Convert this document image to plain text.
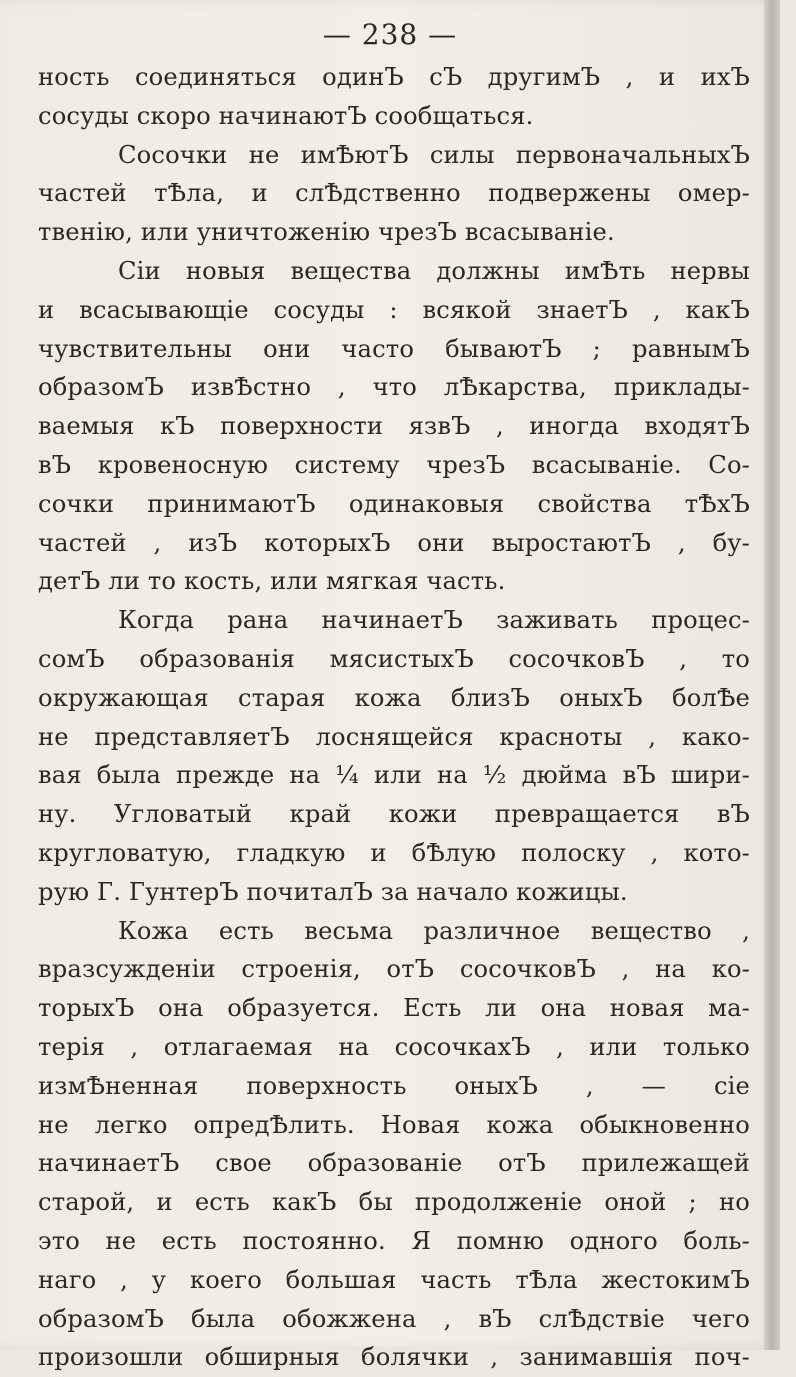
— 238 —
ность соединяться одинЪ сЪ другимЪ , и ихЪ
сосуды скоро начинаютЪ сообщаться.
Сосочки не имѢютЪ силы первоначальныхЪ
частей тѢла, и слѢдственно подвержены омер-
твенію, или уничтоженію чрезЪ всасываніе.
Сіи новыя вещества должны имѢть нервы
и всасывающіе сосуды : всякой знаетЪ , какЪ
чувствительны они часто бываютЪ ; равнымЪ
образомЪ извѢстно , что лѢкарства, приклады-
ваемыя кЪ поверхности язвЪ , иногда входятЪ
вЪ кровеносную систему чрезЪ всасываніе. Со-
сочки принимаютЪ одинаковыя свойства тѢхЪ
частей , изЪ которыхЪ они выростаютЪ , бу-
детЪ ли то кость, или мягкая часть.
Когда рана начинаетЪ заживать процес-
сомЪ образованія мясистыхЪ сосочковЪ , то
окружающая старая кожа близЪ оныхЪ болѢе
не представляетЪ лоснящейся красноты , како-
вая была прежде на ¼ или на ½ дюйма вЪ шири-
ну. Угловатый край кожи превращается вЪ
кругловатую, гладкую и бѢлую полоску , кото-
рую Г. ГунтерЪ почиталЪ за начало кожицы.
Кожа есть весьма различное вещество ,
вразсужденіи строенія, отЪ сосочковЪ , на ко-
торыхЪ она образуется. Есть ли она новая ма-
терія , отлагаемая на сосочкахЪ , или только
измѢненная поверхность оныхЪ , — сіе
не легко опредѢлить. Новая кожа обыкновенно
начинаетЪ свое образованіе отЪ прилежащей
старой, и есть какЪ бы продолженіе оной ; но
это не есть постоянно. Я помню одного боль-
наго , у коего большая часть тѢла жестокимЪ
образомЪ была обожжена , вЪ слѢдствіе чего
произошли обширныя болячки , занимавшія поч-
